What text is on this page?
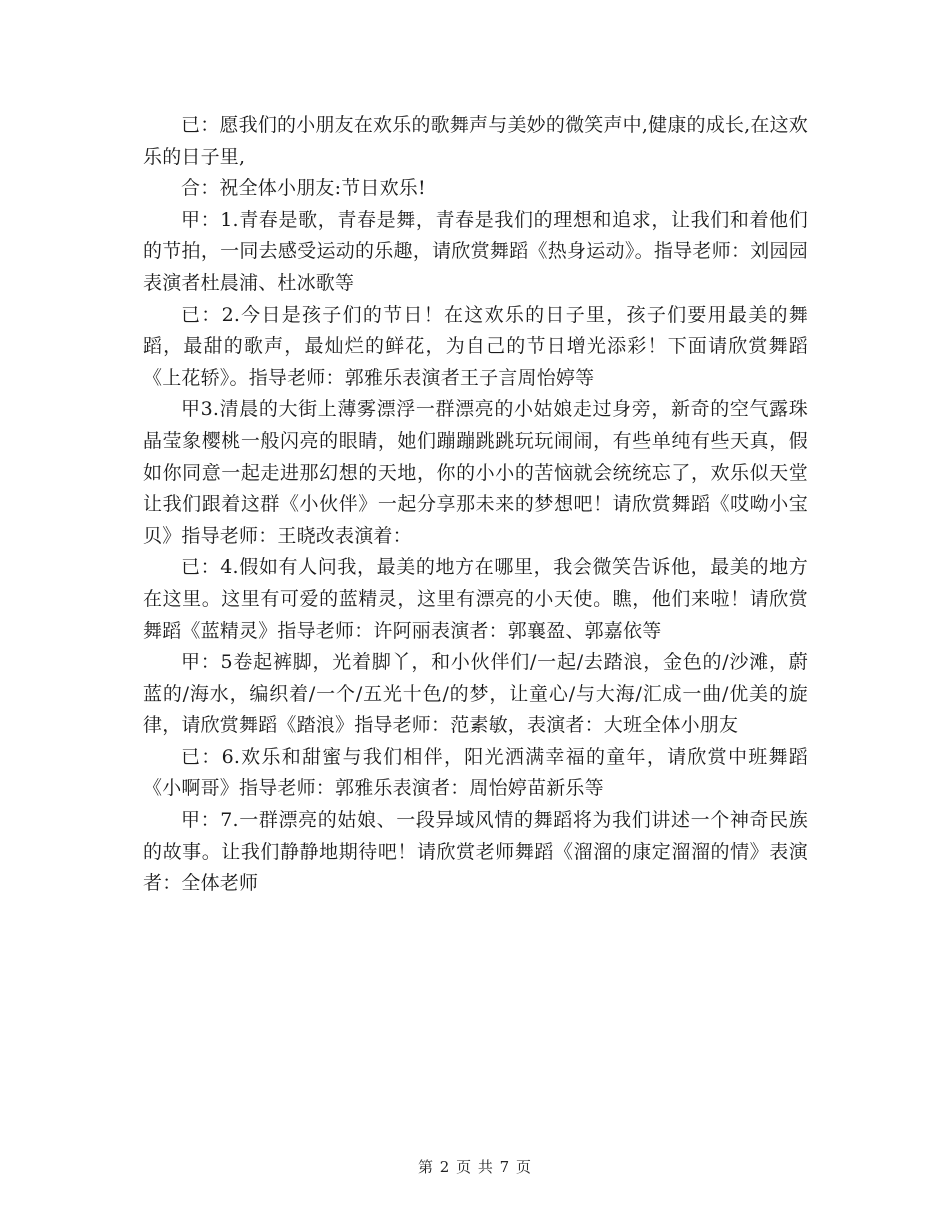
已：愿我们的小朋友在欢乐的歌舞声与美妙的微笑声中,健康的成长,在这欢乐的日子里,

合：祝全体小朋友:节日欢乐!

甲：1.青春是歌，青春是舞，青春是我们的理想和追求，让我们和着他们的节拍，一同去感受运动的乐趣，请欣赏舞蹈《热身运动》。指导老师：刘园园表演者杜晨浦、杜冰歌等

已：2.今日是孩子们的节日！在这欢乐的日子里，孩子们要用最美的舞蹈，最甜的歌声，最灿烂的鲜花，为自己的节日增光添彩！下面请欣赏舞蹈《上花轿》。指导老师：郭雅乐表演者王子言周怡婷等

甲3.清晨的大街上薄雾漂浮一群漂亮的小姑娘走过身旁，新奇的空气露珠晶莹象樱桃一般闪亮的眼睛，她们蹦蹦跳跳玩玩闹闹，有些单纯有些天真，假如你同意一起走进那幻想的天地，你的小小的苦恼就会统统忘了，欢乐似天堂让我们跟着这群《小伙伴》一起分享那未来的梦想吧！请欣赏舞蹈《哎呦小宝贝》指导老师：王晓改表演着：

已：4.假如有人问我，最美的地方在哪里，我会微笑告诉他，最美的地方在这里。这里有可爱的蓝精灵，这里有漂亮的小天使。瞧，他们来啦！请欣赏舞蹈《蓝精灵》指导老师：许阿丽表演者：郭襄盈、郭嘉依等

甲：5卷起裤脚，光着脚丫，和小伙伴们/一起/去踏浪，金色的/沙滩，蔚蓝的/海水，编织着/一个/五光十色/的梦，让童心/与大海/汇成一曲/优美的旋律，请欣赏舞蹈《踏浪》指导老师：范素敏，表演者：大班全体小朋友

已：6.欢乐和甜蜜与我们相伴，阳光洒满幸福的童年，请欣赏中班舞蹈《小啊哥》指导老师：郭雅乐表演者：周怡婷苗新乐等

甲：7.一群漂亮的姑娘、一段异域风情的舞蹈将为我们讲述一个神奇民族的故事。让我们静静地期待吧！请欣赏老师舞蹈《溜溜的康定溜溜的情》表演者：全体老师

第 2 页 共 7 页
